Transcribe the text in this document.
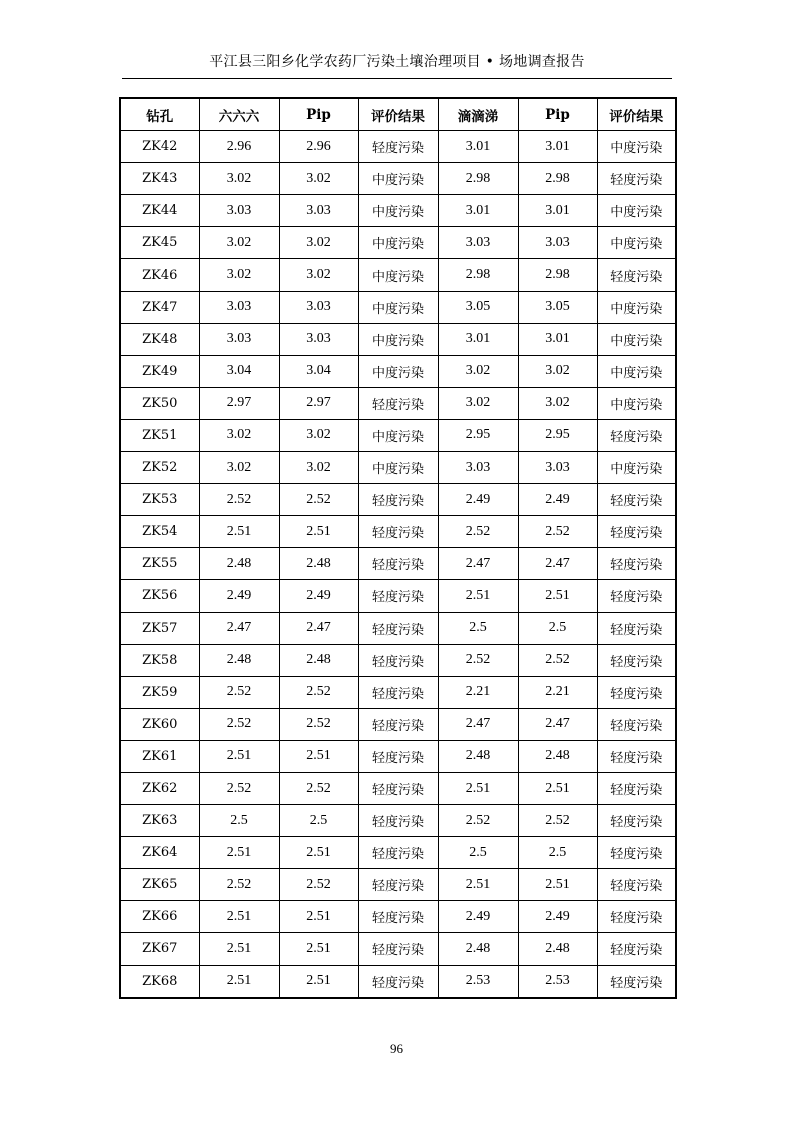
平江县三阳乡化学农药厂污染土壤治理项目 • 场地调查报告
钻孔	六六六	Pip	评价结果	滴滴涕	Pip	评价结果
ZK42	2.96	2.96	轻度污染	3.01	3.01	中度污染
ZK43	3.02	3.02	中度污染	2.98	2.98	轻度污染
ZK44	3.03	3.03	中度污染	3.01	3.01	中度污染
ZK45	3.02	3.02	中度污染	3.03	3.03	中度污染
ZK46	3.02	3.02	中度污染	2.98	2.98	轻度污染
ZK47	3.03	3.03	中度污染	3.05	3.05	中度污染
ZK48	3.03	3.03	中度污染	3.01	3.01	中度污染
ZK49	3.04	3.04	中度污染	3.02	3.02	中度污染
ZK50	2.97	2.97	轻度污染	3.02	3.02	中度污染
ZK51	3.02	3.02	中度污染	2.95	2.95	轻度污染
ZK52	3.02	3.02	中度污染	3.03	3.03	中度污染
ZK53	2.52	2.52	轻度污染	2.49	2.49	轻度污染
ZK54	2.51	2.51	轻度污染	2.52	2.52	轻度污染
ZK55	2.48	2.48	轻度污染	2.47	2.47	轻度污染
ZK56	2.49	2.49	轻度污染	2.51	2.51	轻度污染
ZK57	2.47	2.47	轻度污染	2.5	2.5	轻度污染
ZK58	2.48	2.48	轻度污染	2.52	2.52	轻度污染
ZK59	2.52	2.52	轻度污染	2.21	2.21	轻度污染
ZK60	2.52	2.52	轻度污染	2.47	2.47	轻度污染
ZK61	2.51	2.51	轻度污染	2.48	2.48	轻度污染
ZK62	2.52	2.52	轻度污染	2.51	2.51	轻度污染
ZK63	2.5	2.5	轻度污染	2.52	2.52	轻度污染
ZK64	2.51	2.51	轻度污染	2.5	2.5	轻度污染
ZK65	2.52	2.52	轻度污染	2.51	2.51	轻度污染
ZK66	2.51	2.51	轻度污染	2.49	2.49	轻度污染
ZK67	2.51	2.51	轻度污染	2.48	2.48	轻度污染
ZK68	2.51	2.51	轻度污染	2.53	2.53	轻度污染
96
